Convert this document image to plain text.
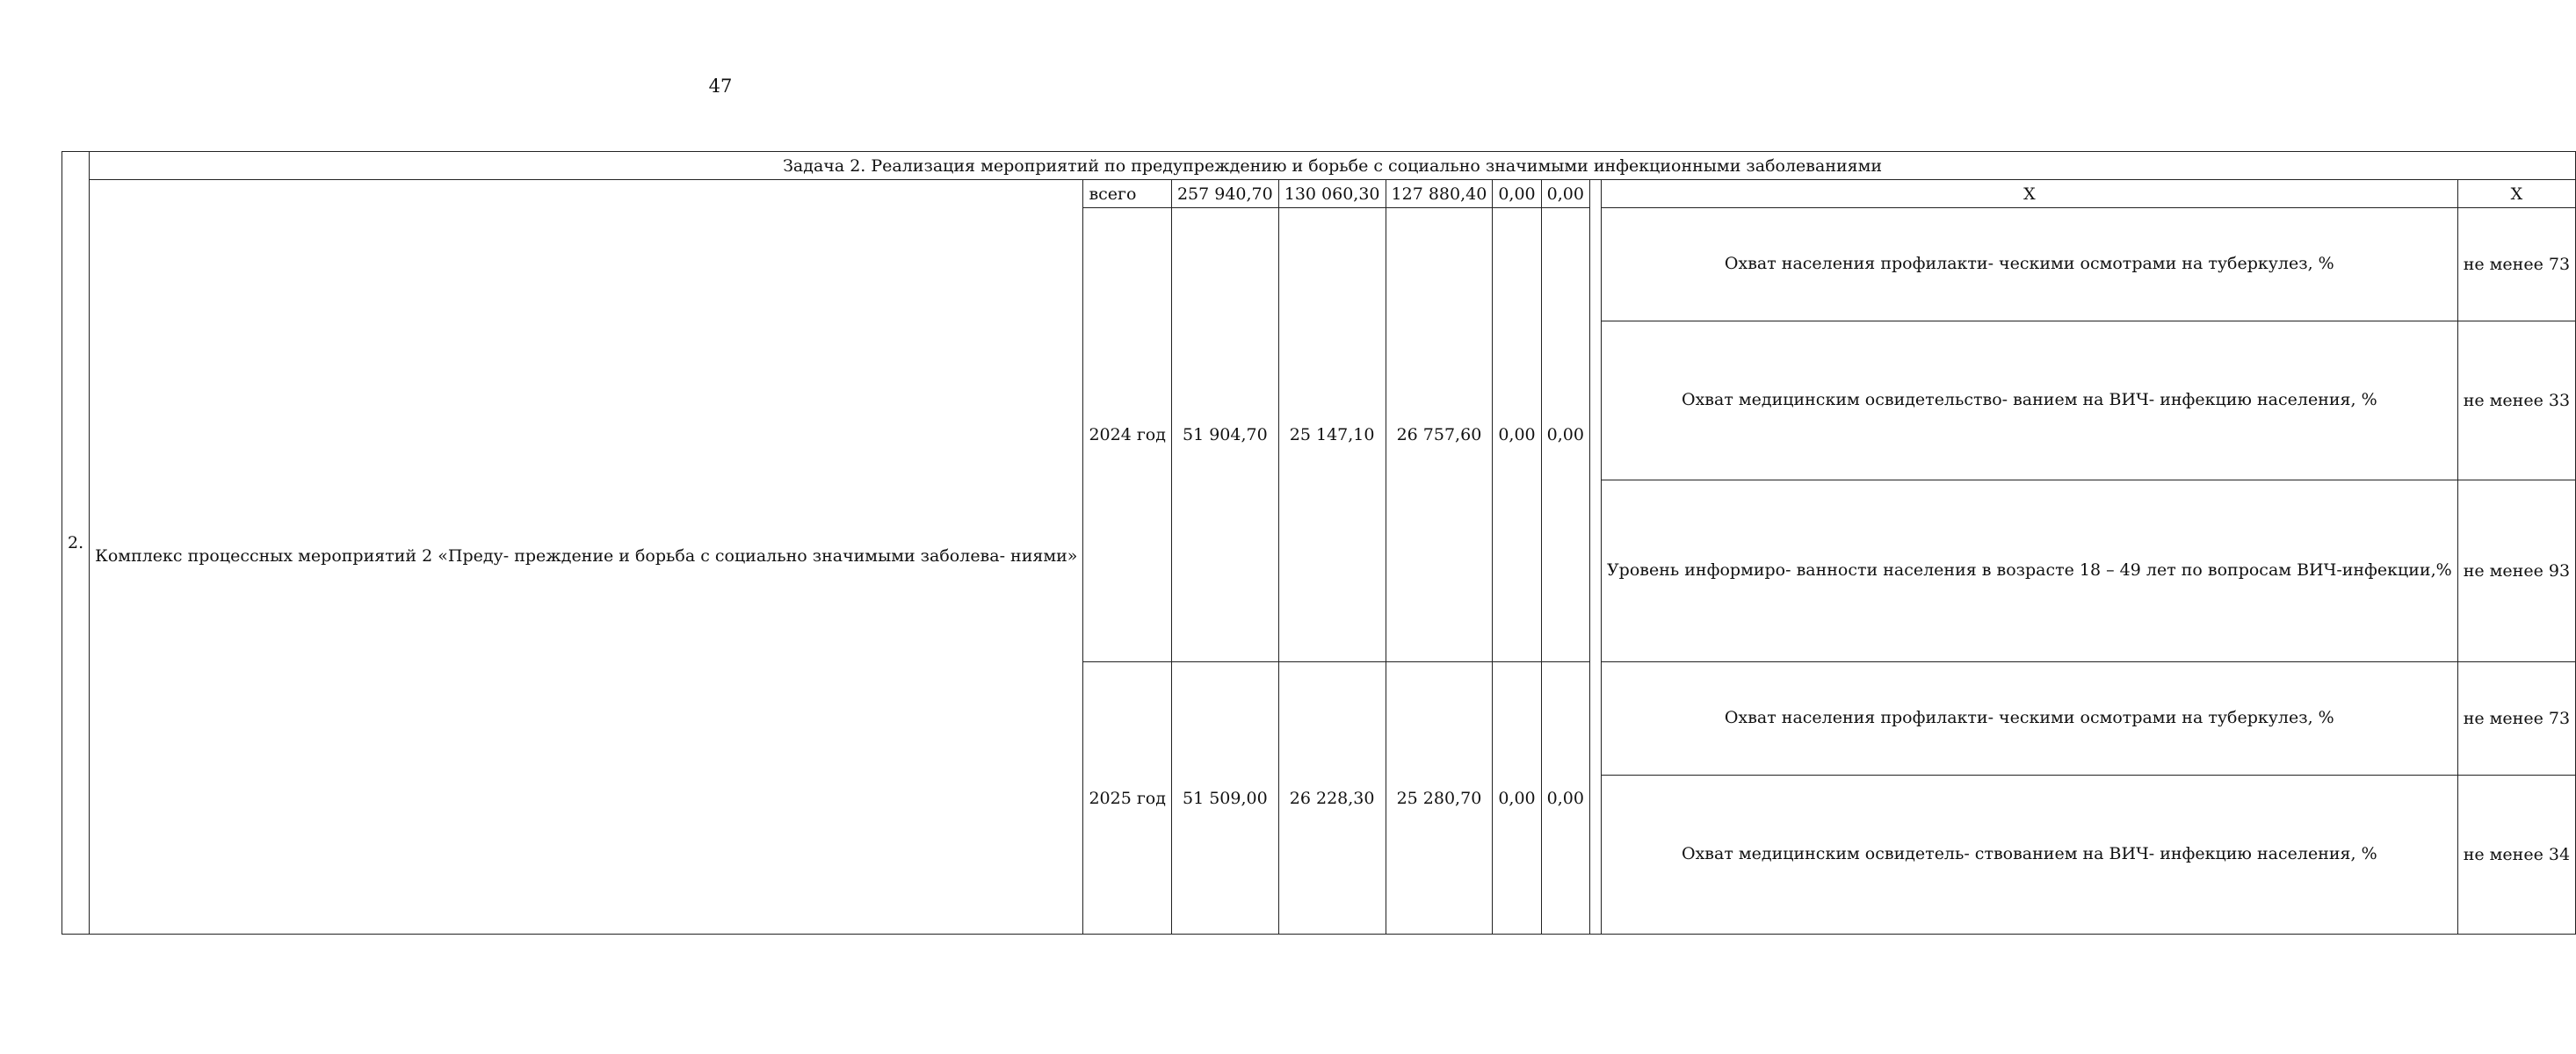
47
2.	Задача 2. Реализация мероприятий по предупреждению и борьбе с социально значимыми инфекционными заболеваниями									
	Комплекс процессных мероприятий 2 «Преду- преждение и борьба с социально значимыми заболева- ниями»	всего	257 940,70	130 060,30	127 880,40	0,00	0,00		Х	Х
		2024 год	51 904,70	25 147,10	26 757,60	0,00	0,00		Охват населения профилакти- ческими осмотрами на туберкулез, %	не менее 73
									Охват медицинским освидетельство- ванием на ВИЧ- инфекцию населения, %	не менее 33
									Уровень информиро- ванности населения в возрасте 18 – 49 лет по вопросам ВИЧ-инфекции,%	не менее 93
		2025 год	51 509,00	26 228,30	25 280,70	0,00	0,00		Охват населения профилакти- ческими осмотрами на туберкулез, %	не менее 73
									Охват медицинским освидетель- ствованием на ВИЧ- инфекцию населения, %	не менее 34
